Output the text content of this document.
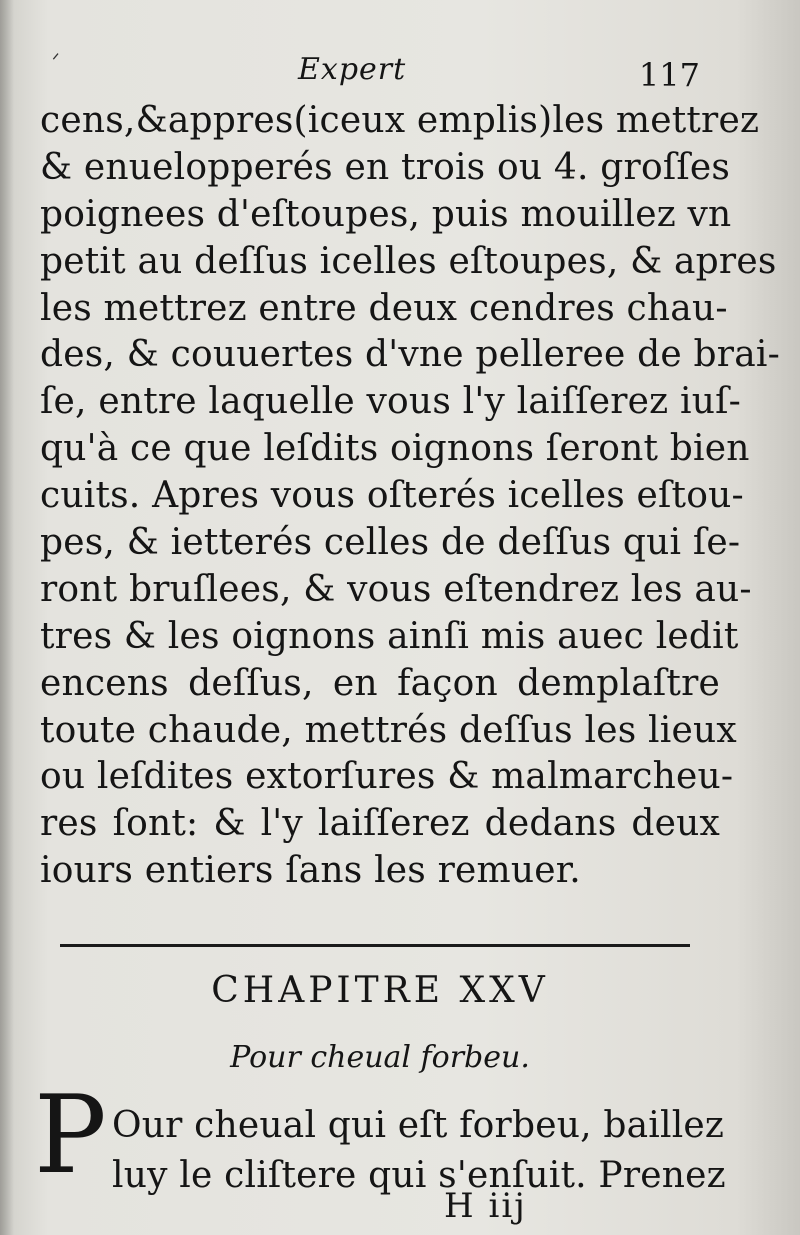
Expert	117
ᐟ
cens,&appres(iceux emplis)les mettrez
& enuelopperés en trois ou 4. groſſes
poignees d'eſtoupes, puis mouillez vn
petit au deſſus icelles eſtoupes, & apres
les mettrez entre deux cendres chau-
des, & couuertes d'vne pelleree de brai-
ſe, entre laquelle vous l'y laiſſerez iuſ-
qu'à ce que leſdits oignons ſeront bien
cuits. Apres vous oſterés icelles eſtou-
pes, & ietterés celles de deſſus qui ſe-
ront bruſlees, & vous eſtendrez les au-
tres & les oignons ainſi mis auec ledit
encens deſſus, en façon demplaſtre
toute chaude, mettrés deſſus les lieux
ou leſdites extorſures & malmarcheu-
res ſont: & l'y laiſſerez dedans deux
iours entiers ſans les remuer.
CHAPITRE XXV
Pour cheual forbeu.
P Our cheual qui eſt forbeu, baillez
luy le cliſtere qui s'enſuit. Prenez
H iij
